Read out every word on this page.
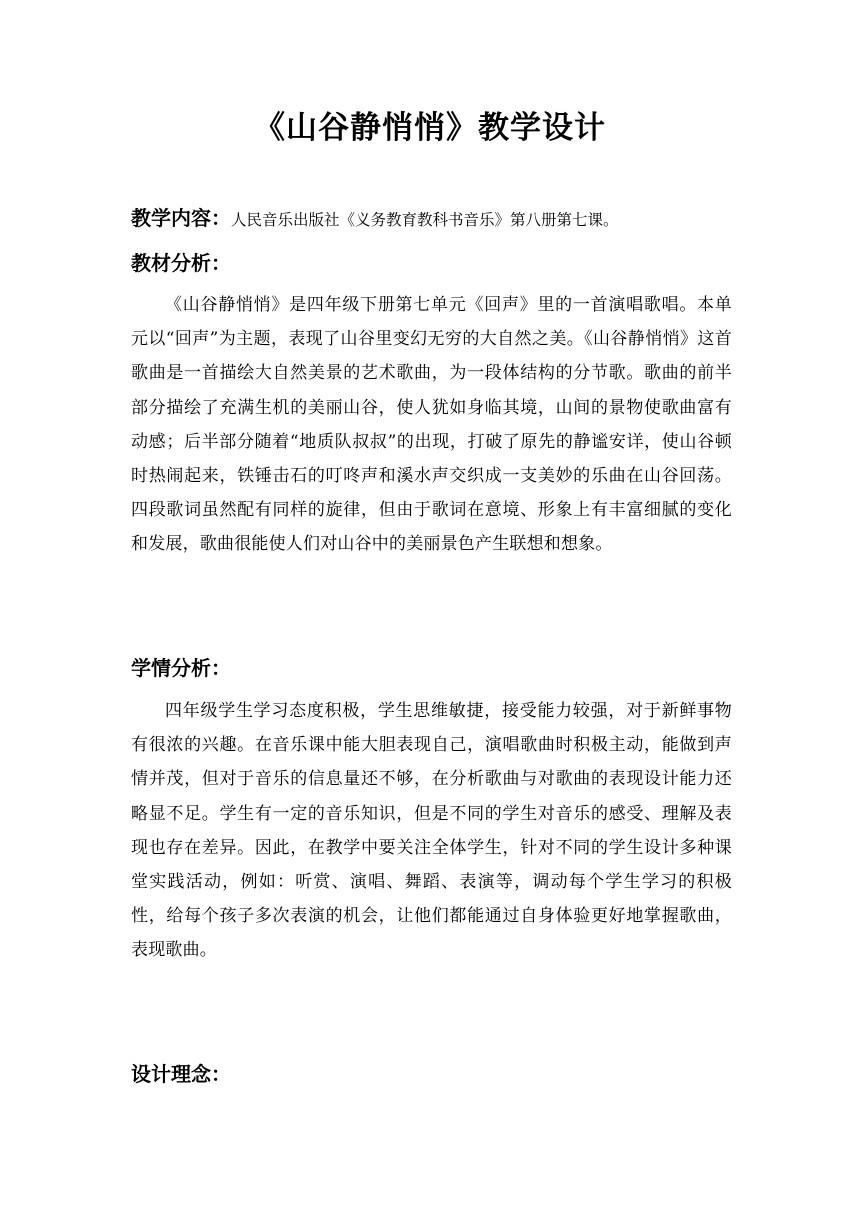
《山谷静悄悄》教学设计
教学内容：人民音乐出版社《义务教育教科书音乐》第八册第七课。
教材分析：

《山谷静悄悄》是四年级下册第七单元《回声》里的一首演唱歌唱。本单元以“回声”为主题，表现了山谷里变幻无穷的大自然之美。《山谷静悄悄》这首歌曲是一首描绘大自然美景的艺术歌曲，为一段体结构的分节歌。歌曲的前半部分描绘了充满生机的美丽山谷，使人犹如身临其境，山间的景物使歌曲富有动感；后半部分随着“地质队叔叔”的出现，打破了原先的静谧安详，使山谷顿时热闹起来，铁锤击石的叮咚声和溪水声交织成一支美妙的乐曲在山谷回荡。四段歌词虽然配有同样的旋律，但由于歌词在意境、形象上有丰富细腻的变化和发展，歌曲很能使人们对山谷中的美丽景色产生联想和想象。

学情分析：

四年级学生学习态度积极，学生思维敏捷，接受能力较强，对于新鲜事物有很浓的兴趣。在音乐课中能大胆表现自己，演唱歌曲时积极主动，能做到声情并茂，但对于音乐的信息量还不够，在分析歌曲与对歌曲的表现设计能力还略显不足。学生有一定的音乐知识，但是不同的学生对音乐的感受、理解及表现也存在差异。因此，在教学中要关注全体学生，针对不同的学生设计多种课堂实践活动，例如：听赏、演唱、舞蹈、表演等，调动每个学生学习的积极性，给每个孩子多次表演的机会，让他们都能通过自身体验更好地掌握歌曲，表现歌曲。

设计理念：
